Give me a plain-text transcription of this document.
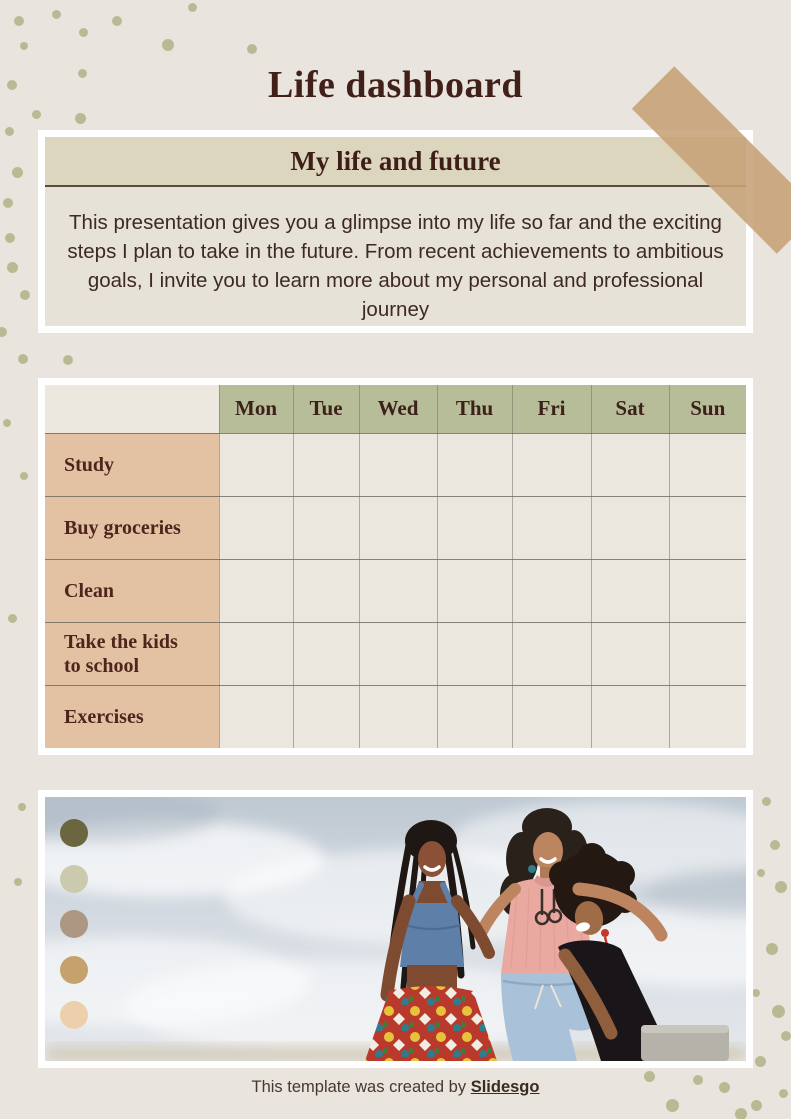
Life dashboard
My life and future

This presentation gives you a glimpse into my life so far and the exciting steps I plan to take in the future. From recent achievements to ambitious goals, I invite you to learn more about my personal and professional journey

	Mon	Tue	Wed	Thu	Fri	Sat	Sun
Study							
Buy groceries							
Clean							
Take the kids to school							
Exercises							
This template was created by Slidesgo
